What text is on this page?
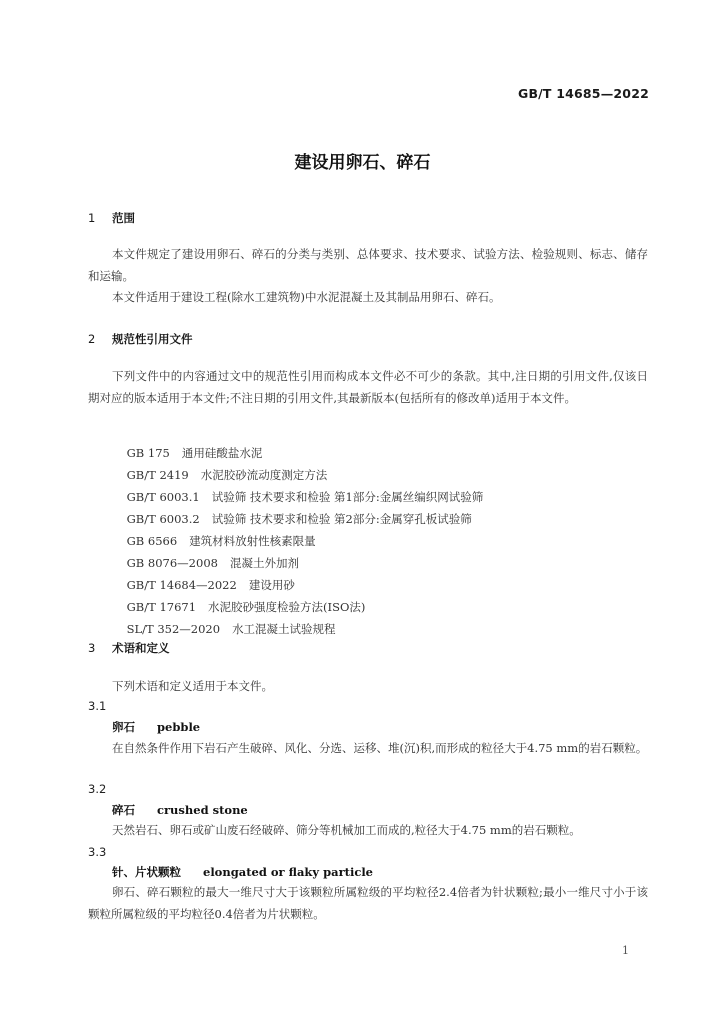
GB/T 14685—2022
建设用卵石、碎石
1 范围

本文件规定了建设用卵石、碎石的分类与类别、总体要求、技术要求、试验方法、检验规则、标志、储存和运输。

本文件适用于建设工程(除水工建筑物)中水泥混凝土及其制品用卵石、碎石。

2 规范性引用文件

下列文件中的内容通过文中的规范性引用而构成本文件必不可少的条款。其中,注日期的引用文件,仅该日期对应的版本适用于本文件;不注日期的引用文件,其最新版本(包括所有的修改单)适用于本文件。

GB 175 通用硅酸盐水泥

GB/T 2419 水泥胶砂流动度测定方法

GB/T 6003.1 试验筛 技术要求和检验 第1部分:金属丝编织网试验筛

GB/T 6003.2 试验筛 技术要求和检验 第2部分:金属穿孔板试验筛

GB 6566 建筑材料放射性核素限量

GB 8076—2008 混凝土外加剂

GB/T 14684—2022 建设用砂

GB/T 17671 水泥胶砂强度检验方法(ISO法)

SL/T 352—2020 水工混凝土试验规程

3 术语和定义

下列术语和定义适用于本文件。

3.1
卵石 pebble

在自然条件作用下岩石产生破碎、风化、分选、运移、堆(沉)积,而形成的粒径大于4.75 mm的岩石颗粒。

3.2
碎石 crushed stone

天然岩石、卵石或矿山废石经破碎、筛分等机械加工而成的,粒径大于4.75 mm的岩石颗粒。

3.3
针、片状颗粒 elongated or flaky particle

卵石、碎石颗粒的最大一维尺寸大于该颗粒所属粒级的平均粒径2.4倍者为针状颗粒;最小一维尺寸小于该颗粒所属粒级的平均粒径0.4倍者为片状颗粒。

1
